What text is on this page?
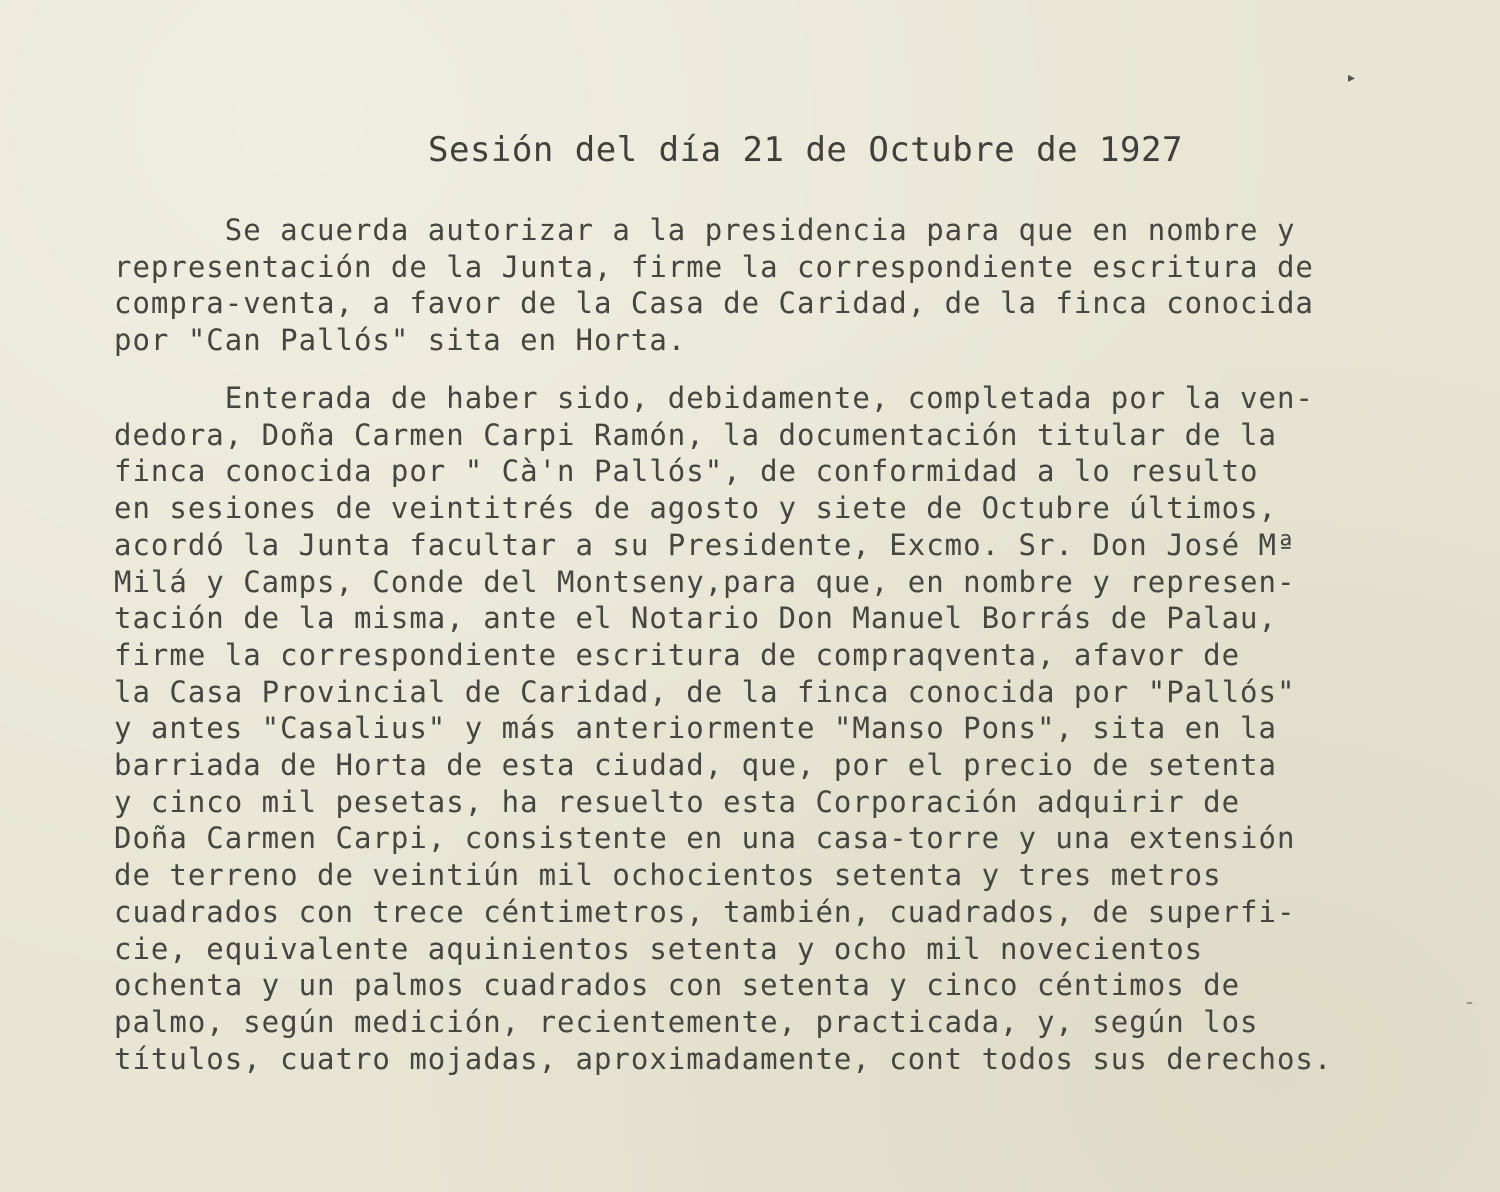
Sesión del día 21 de Octubre de 1927
Se acuerda autorizar a la presidencia para que en nombre y
representación de la Junta, firme la correspondiente escritura de
compra-venta, a favor de la Casa de Caridad, de la finca conocida
por "Can Pallós" sita en Horta.
Enterada de haber sido, debidamente, completada por la ven-
dedora, Doña Carmen Carpi Ramón, la documentación titular de la
finca conocida por " Cà'n Pallós", de conformidad a lo resulto
en sesiones de veintitrés de agosto y siete de Octubre últimos,
acordó la Junta facultar a su Presidente, Excmo. Sr. Don José Mª
Milá y Camps, Conde del Montseny,para que, en nombre y represen-
tación de la misma, ante el Notario Don Manuel Borrás de Palau,
firme la correspondiente escritura de compraqventa, afavor de
la Casa Provincial de Caridad, de la finca conocida por "Pallós"
y antes "Casalius" y más anteriormente "Manso Pons", sita en la
barriada de Horta de esta ciudad, que, por el precio de setenta
y cinco mil pesetas, ha resuelto esta Corporación adquirir de
Doña Carmen Carpi, consistente en una casa-torre y una extensión
de terreno de veintiún mil ochocientos setenta y tres metros
cuadrados con trece céntimetros, también, cuadrados, de superfi-
cie, equivalente aquinientos setenta y ocho mil novecientos
ochenta y un palmos cuadrados con setenta y cinco céntimos de
palmo, según medición, recientemente, practicada, y, según los
títulos, cuatro mojadas, aproximadamente, cont todos sus derechos.
▸
–
